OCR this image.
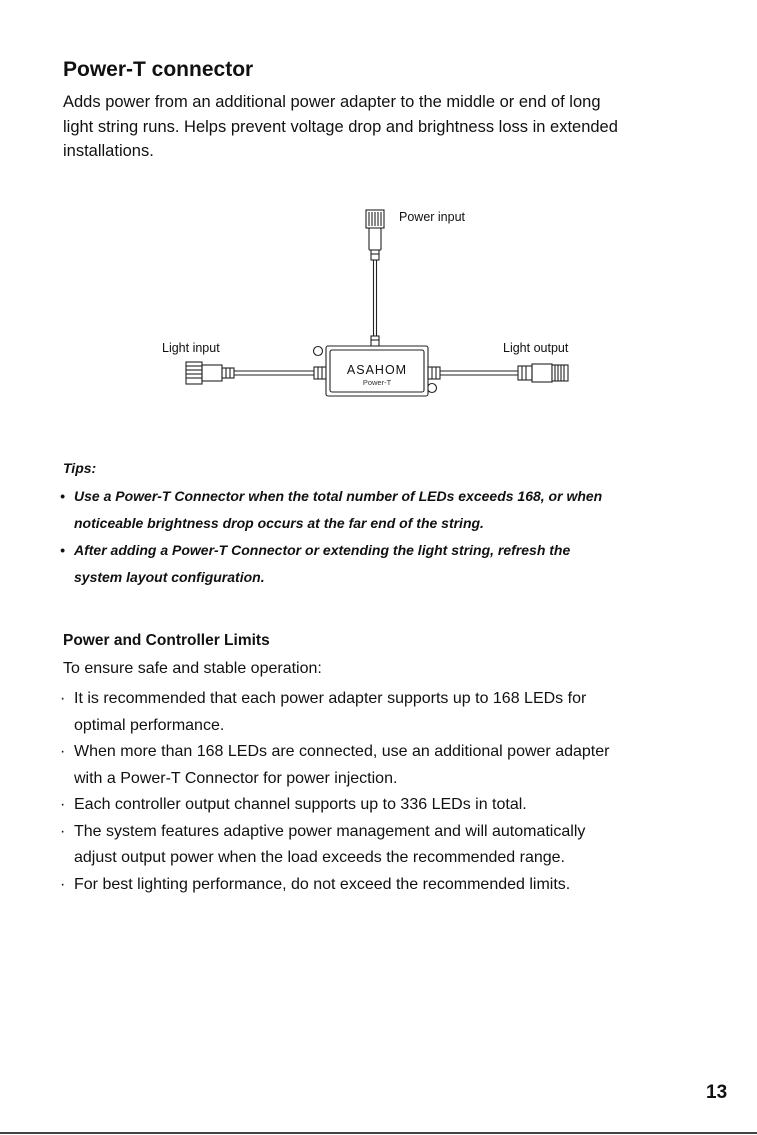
Power-T connector
Adds power from an additional power adapter to the middle or end of long
light string runs. Helps prevent voltage drop and brightness loss in extended
installations.
Power input
Light input	Light output
ASAHOM
Power-T
Tips:
• Use a Power-T Connector when the total number of LEDs exceeds 168, or when
noticeable brightness drop occurs at the far end of the string.
• After adding a Power-T Connector or extending the light string, refresh the
system layout configuration.
Power and Controller Limits
To ensure safe and stable operation:
· It is recommended that each power adapter supports up to 168 LEDs for
optimal performance.
· When more than 168 LEDs are connected, use an additional power adapter
with a Power-T Connector for power injection.
· Each controller output channel supports up to 336 LEDs in total.
· The system features adaptive power management and will automatically
adjust output power when the load exceeds the recommended range.
· For best lighting performance, do not exceed the recommended limits.
13
